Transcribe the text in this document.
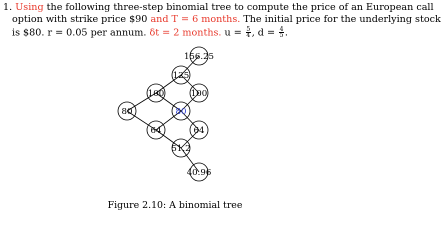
1. Using the following three-step binomial tree to compute the price of an European call
option with strike price $90 and T = 6 months. The initial price for the underlying stock
is $80. r = 0.05 per annum. δt = 2 months. $u = \frac{5}{4}$ , $d = \frac{4}{5}$ .
80
100
64
125
80
51.2
156.25
100
64
40.96
Figure 2.10: A binomial tree
